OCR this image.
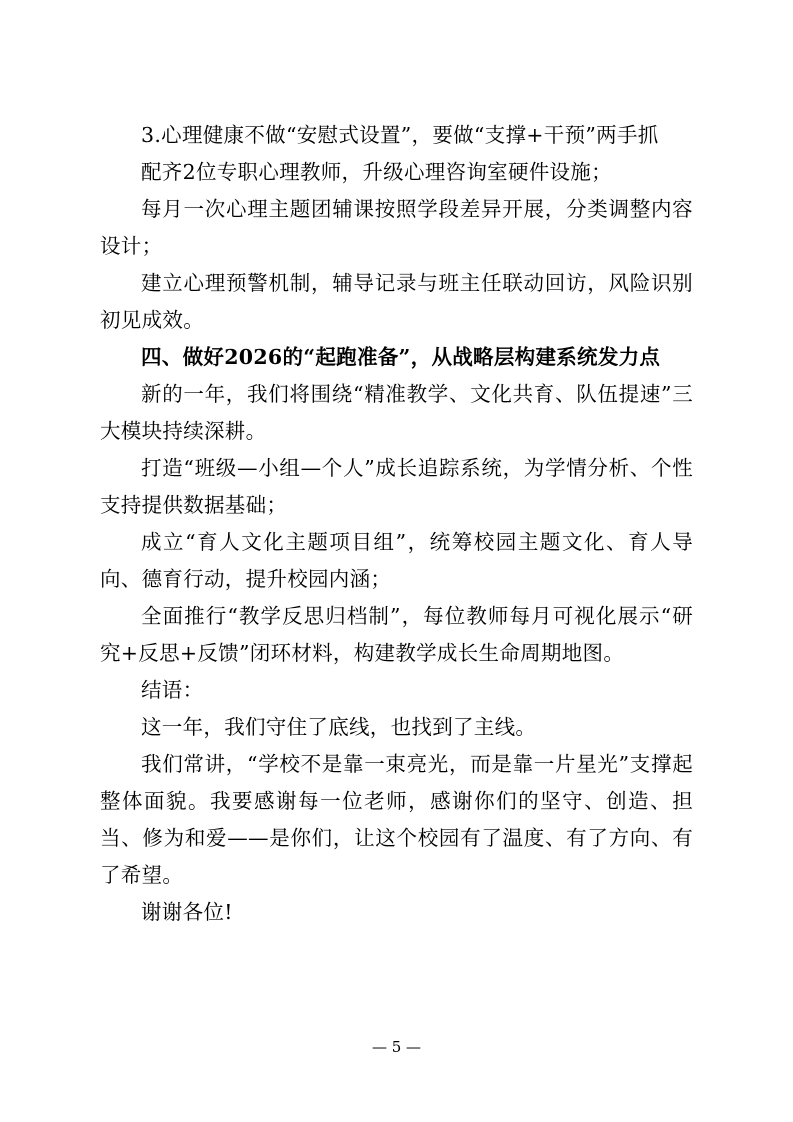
3.心理健康不做“安慰式设置”，要做“支撑+干预”两手抓

配齐2位专职心理教师，升级心理咨询室硬件设施；

每月一次心理主题团辅课按照学段差异开展，分类调整内容设计；

建立心理预警机制，辅导记录与班主任联动回访，风险识别初见成效。

四、做好2026的“起跑准备”，从战略层构建系统发力点

新的一年，我们将围绕“精准教学、文化共育、队伍提速”三大模块持续深耕。

打造“班级—小组—个人”成长追踪系统，为学情分析、个性支持提供数据基础；

成立“育人文化主题项目组”，统筹校园主题文化、育人导向、德育行动，提升校园内涵；

全面推行“教学反思归档制”，每位教师每月可视化展示“研究+反思+反馈”闭环材料，构建教学成长生命周期地图。

结语：

这一年，我们守住了底线，也找到了主线。

我们常讲，“学校不是靠一束亮光，而是靠一片星光”支撑起整体面貌。我要感谢每一位老师，感谢你们的坚守、创造、担当、修为和爱——是你们，让这个校园有了温度、有了方向、有了希望。

谢谢各位!

— 5 —
